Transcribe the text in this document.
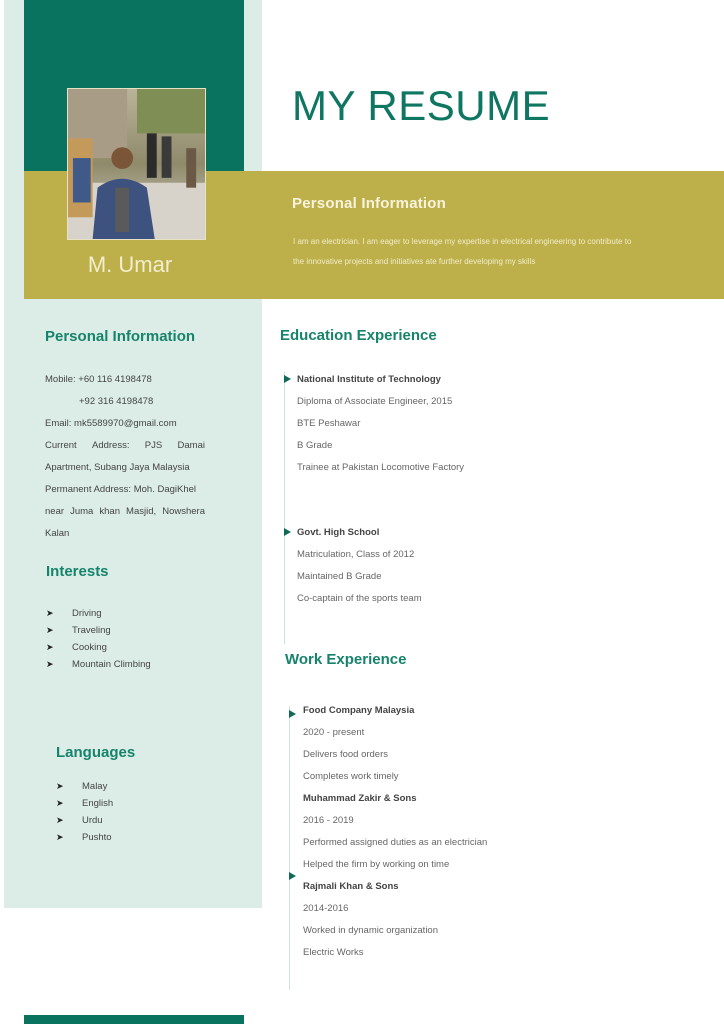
M. Umar
MY RESUME
Personal Information
I am an electrician. I am eager to leverage my expertise in electrical engineering to contribute to
the innovative projects and initiatives ate further developing my skills
Personal Information
Mobile: +60 116 4198478
+92 316 4198478
Email: mk5589970@gmail.com
Current Address: PJS Damai
Apartment, Subang Jaya Malaysia
Permanent Address: Moh. DagiKhel
near Juma khan Masjid, Nowshera
Kalan
Interests
➤	Driving
➤	Traveling
➤	Cooking
➤	Mountain Climbing
Languages
➤	Malay
➤	English
➤	Urdu
➤	Pushto
Education Experience
National Institute of Technology
Diploma of Associate Engineer, 2015
BTE Peshawar
B Grade
Trainee at Pakistan Locomotive Factory
Govt. High School
Matriculation, Class of 2012
Maintained B Grade
Co-captain of the sports team
Work Experience
Food Company Malaysia
2020 - present
Delivers food orders
Completes work timely
Muhammad Zakir & Sons
2016 - 2019
Performed assigned duties as an electrician
Helped the firm by working on time
Rajmali Khan & Sons
2014-2016
Worked in dynamic organization
Electric Works
